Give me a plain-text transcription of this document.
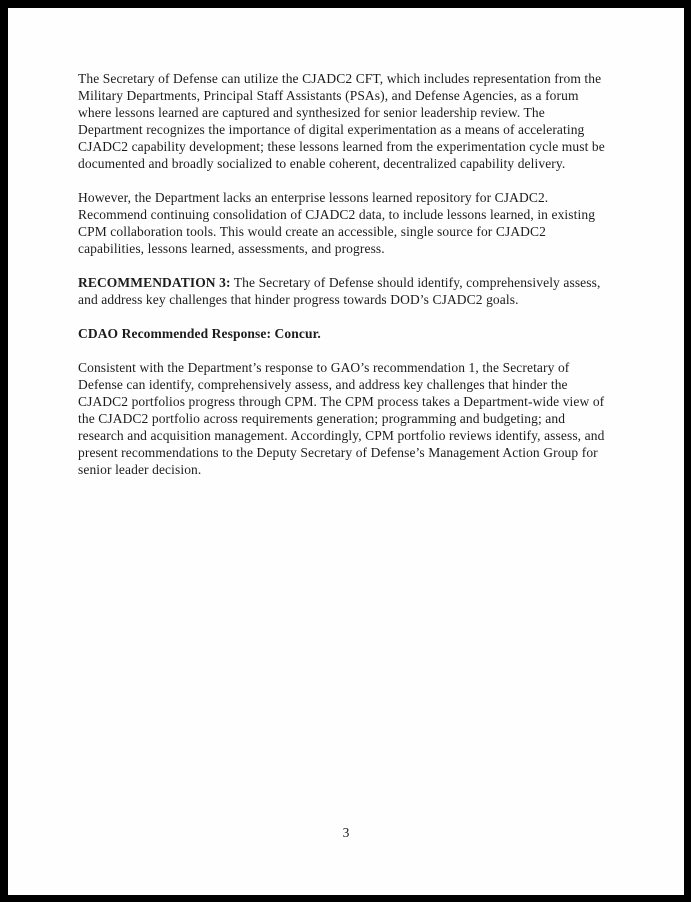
The Secretary of Defense can utilize the CJADC2 CFT, which includes representation from the Military Departments, Principal Staff Assistants (PSAs), and Defense Agencies, as a forum where lessons learned are captured and synthesized for senior leadership review. The Department recognizes the importance of digital experimentation as a means of accelerating CJADC2 capability development; these lessons learned from the experimentation cycle must be documented and broadly socialized to enable coherent, decentralized capability delivery.

However, the Department lacks an enterprise lessons learned repository for CJADC2. Recommend continuing consolidation of CJADC2 data, to include lessons learned, in existing CPM collaboration tools. This would create an accessible, single source for CJADC2 capabilities, lessons learned, assessments, and progress.

RECOMMENDATION 3: The Secretary of Defense should identify, comprehensively assess, and address key challenges that hinder progress towards DOD’s CJADC2 goals.

CDAO Recommended Response: Concur.

Consistent with the Department’s response to GAO’s recommendation 1, the Secretary of Defense can identify, comprehensively assess, and address key challenges that hinder the CJADC2 portfolios progress through CPM. The CPM process takes a Department-wide view of the CJADC2 portfolio across requirements generation; programming and budgeting; and research and acquisition management. Accordingly, CPM portfolio reviews identify, assess, and present recommendations to the Deputy Secretary of Defense’s Management Action Group for senior leader decision.

3
